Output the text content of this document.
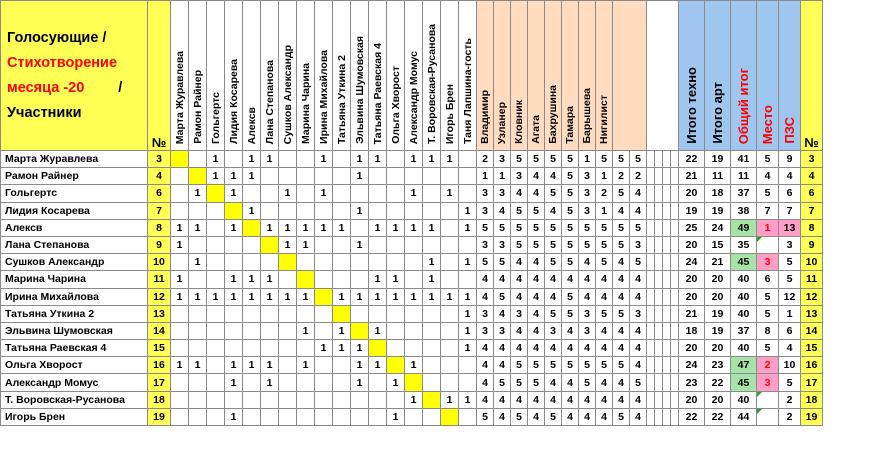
Голосующие /
Стихотворение
месяца -20 /
Участники	№	Марта Журавлева	Рамон Райнер	Гольгертс	Лидия Косарева	Алексв	Лана Степанова	Сушков Александр	Марина Чарина	Ирина Михайлова	Татьяна Уткина 2	Эльвина Шумовская	Татьяна Раевская 4	Ольга Хворост	Александр Момус	Т. Воровская-Русанова	Игорь Брен	Таня Лапшина-гость	Владимир	Узланер	Кловник	Агата	Бахрушина	Тамара	Барышева	Нигилист							Итого техно	Итого арт	Общий итог	Место	ПЗС	№
Марта Журавлева	3			1		1	1			1		1	1		1	1	1		2	3	5	5	5	5	1	5	5	5					22	19	41	5	9	3
Рамон Райнер	4			1	1	1						1							1	1	3	4	4	5	3	1	2	2					21	11	11	4	4	4
Гольгертс	6		1		1			1		1					1		1		3	3	4	4	5	5	3	2	5	4					20	18	37	5	6	6
Лидия Косарева	7					1						1						1	3	4	5	5	4	5	3	1	4	4					19	19	38	7	7	7
Алексв	8	1	1		1		1	1	1	1	1		1	1	1	1		1	5	5	5	5	5	5	5	5	5	5					25	24	49	1	13	8
Лана Степанова	9	1						1	1			1							3	3	5	5	5	5	5	5	5	3					20	15	35		3	9
Сушков Александр	10		1													1		1	5	5	4	4	5	5	4	5	4	5					24	21	45	3	5	10
Марина Чарина	11	1			1	1	1						1	1		1			4	4	4	4	4	4	4	4	4	4					20	20	40	6	5	11
Ирина Михайлова	12	1	1	1	1	1	1	1	1		1	1	1	1	1	1	1	1	4	5	4	4	4	5	4	4	4	4					20	20	40	5	12	12
Татьяна Уткина 2	13																	1	3	4	3	4	5	5	3	5	5	3					21	19	40	5	1	13
Эльвина Шумовская	14								1		1		1					1	3	3	4	4	3	4	3	4	4	4					18	19	37	8	6	14
Татьяна Раевская 4	15									1	1	1						1	4	4	4	4	4	4	4	4	4	4					20	20	40	5	4	15
Ольга Хворост	16	1	1		1	1	1		1			1	1		1				4	4	5	5	5	5	5	5	5	4					24	23	47	2	10	16
Александр Момус	17				1		1					1		1					4	5	5	5	4	4	5	4	4	5					23	22	45	3	5	17
Т. Воровская-Русанова	18														1		1	1	4	4	4	4	4	4	4	4	4	4					20	20	40		2	18
Игорь Брен	19				1									1					5	4	5	4	5	4	4	4	5	4					22	22	44		2	19
